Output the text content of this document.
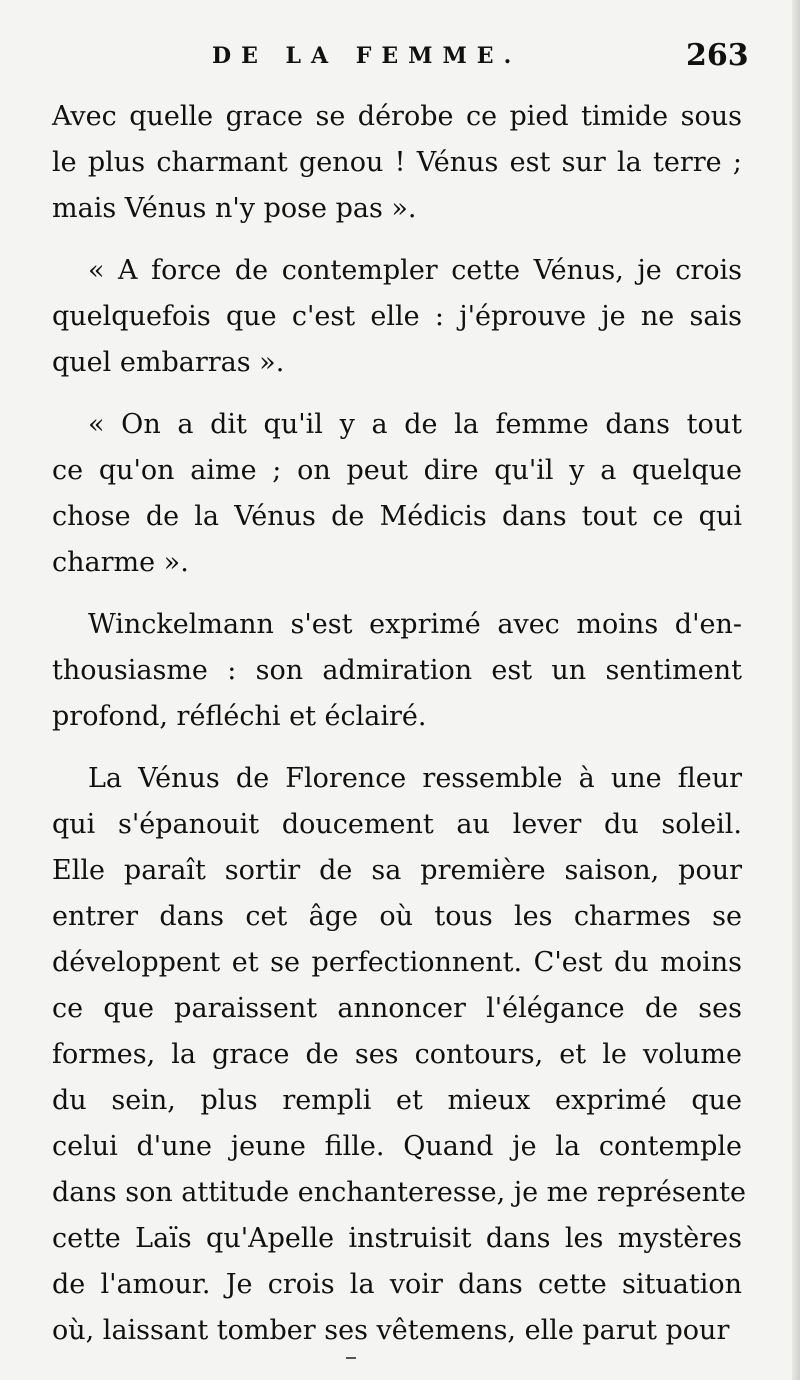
DE LA FEMME.	263
Avec quelle grace se dérobe ce pied timide sous
le plus charmant genou ! Vénus est sur la terre ;
mais Vénus n'y pose pas ».
« A force de contempler cette Vénus, je crois
quelquefois que c'est elle : j'éprouve je ne sais
quel embarras ».
« On a dit qu'il y a de la femme dans tout
ce qu'on aime ; on peut dire qu'il y a quelque
chose de la Vénus de Médicis dans tout ce qui
charme ».
Winckelmann s'est exprimé avec moins d'en-
thousiasme : son admiration est un sentiment
profond, réfléchi et éclairé.
La Vénus de Florence ressemble à une fleur
qui s'épanouit doucement au lever du soleil.
Elle paraît sortir de sa première saison, pour
entrer dans cet âge où tous les charmes se
développent et se perfectionnent. C'est du moins
ce que paraissent annoncer l'élégance de ses
formes, la grace de ses contours, et le volume
du sein, plus rempli et mieux exprimé que
celui d'une jeune fille. Quand je la contemple
dans son attitude enchanteresse, je me représente
cette Laïs qu'Apelle instruisit dans les mystères
de l'amour. Je crois la voir dans cette situation
où, laissant tomber ses vêtemens, elle parut pour
